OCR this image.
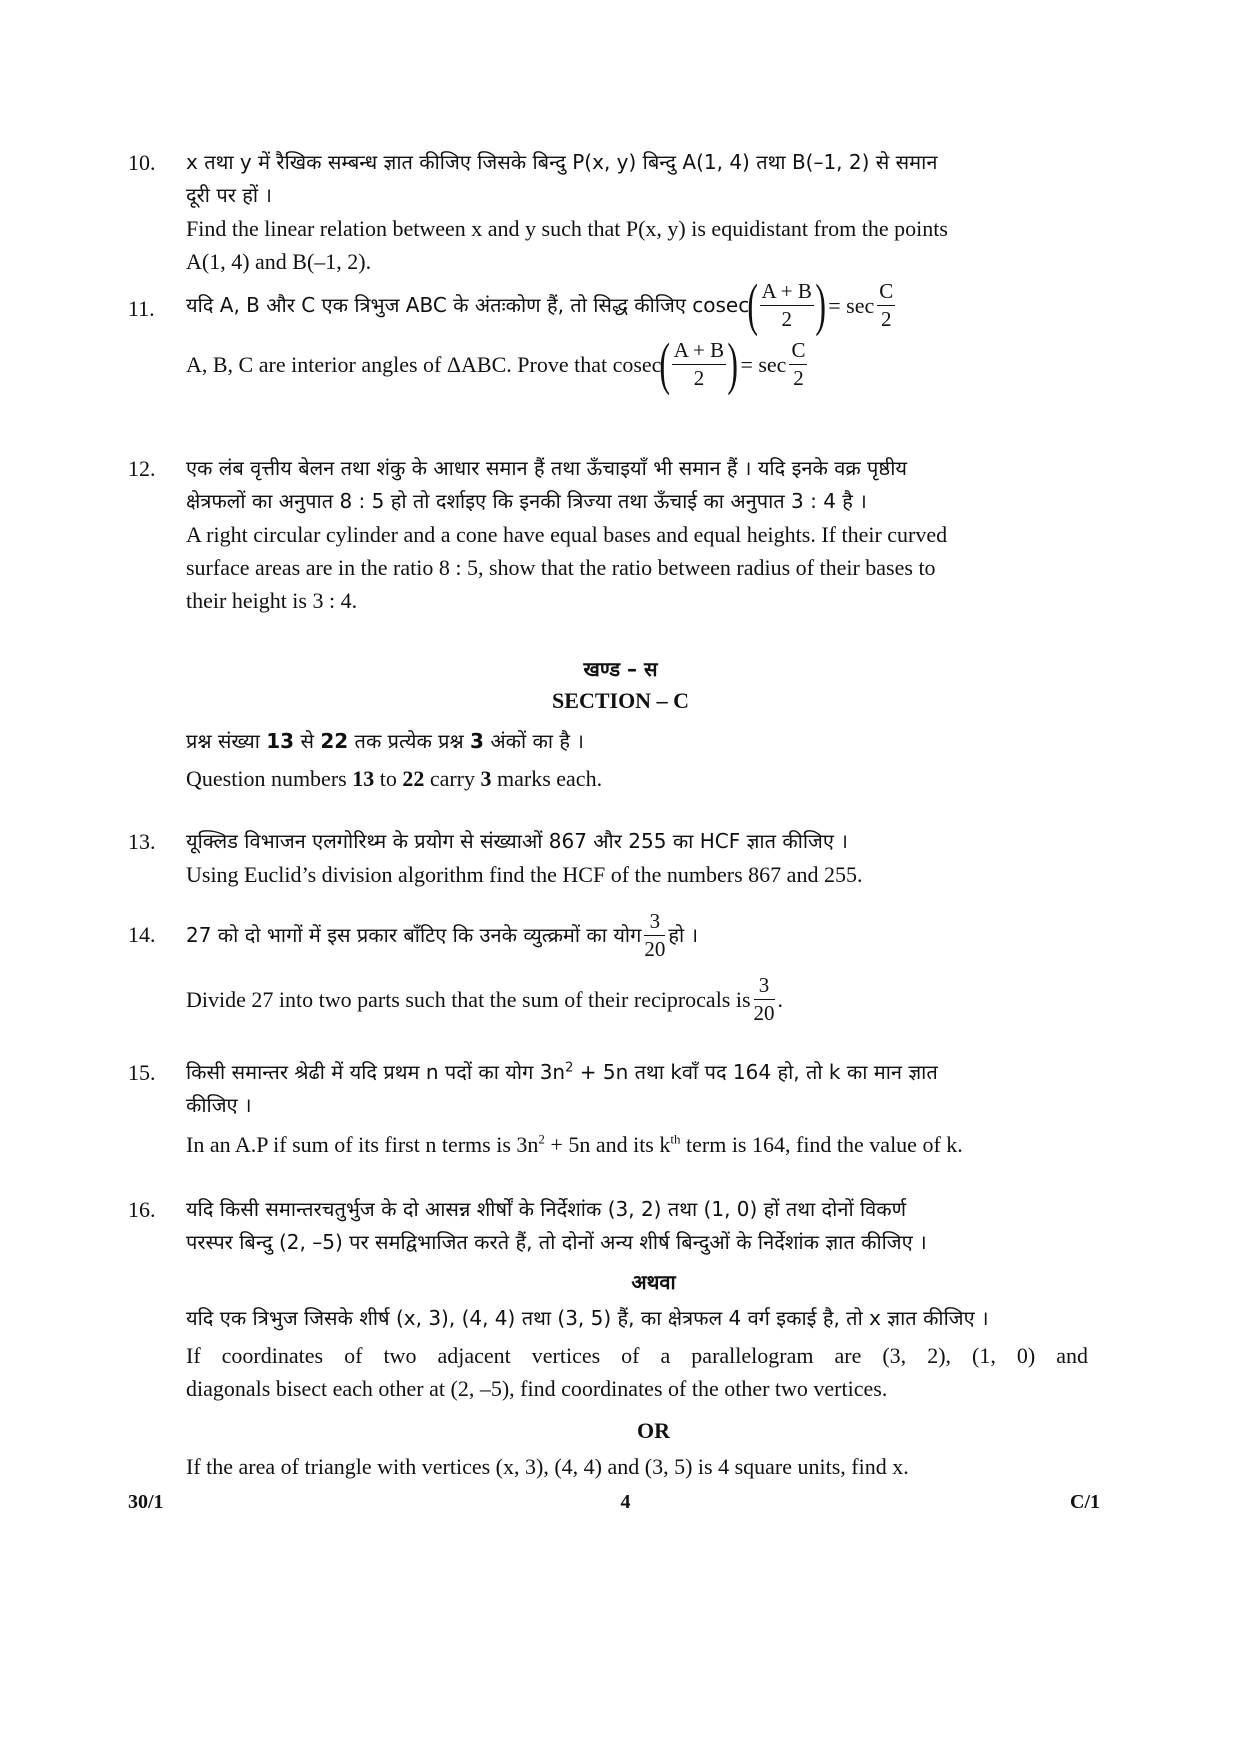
10.	x तथा y में रैखिक सम्बन्ध ज्ञात कीजिए जिसके बिन्दु P(x, y) बिन्दु A(1, 4) तथा B(–1, 2) से समान

दूरी पर हों ।

Find the linear relation between x and y such that P(x, y) is equidistant from the points

A(1, 4) and B(–1, 2).

11.	यदि A, B और C एक त्रिभुज ABC के अंतःकोण हैं, तो सिद्ध कीजिए cosec
( $\frac{A + B}{2}$ ) = $\sec \frac{C}{2}$
A, B, C are interior angles of ΔABC. Prove that cosec
( $\frac{A + B}{2}$ ) = $\sec \frac{C}{2}$
12.	एक लंब वृत्तीय बेलन तथा शंकु के आधार समान हैं तथा ऊँचाइयाँ भी समान हैं । यदि इनके वक्र पृष्ठीय

क्षेत्रफलों का अनुपात 8 : 5 हो तो दर्शाइए कि इनकी त्रिज्या तथा ऊँचाई का अनुपात 3 : 4 है ।

A right circular cylinder and a cone have equal bases and equal heights. If their curved

surface areas are in the ratio 8 : 5, show that the ratio between radius of their bases to

their height is 3 : 4.

खण्ड – स
SECTION – C

प्रश्न संख्या 13 से 22 तक प्रत्येक प्रश्न 3 अंकों का है ।

Question numbers 13 to 22 carry 3 marks each.

13.	यूक्लिड विभाजन एलगोरिथ्म के प्रयोग से संख्याओं 867 और 255 का HCF ज्ञात कीजिए ।

Using Euclid’s division algorithm find the HCF of the numbers 867 and 255.

14.	27 को दो भागों में इस प्रकार बाँटिए कि उनके व्युत्क्रमों का योग $\frac{3}{20}$ हो ।
Divide 27 into two parts such that the sum of their reciprocals is $\frac{3}{20}$ .
15.	किसी समान्तर श्रेढी में यदि प्रथम n पदों का योग $3n^2 + 5n$ तथा kवाँ पद 164 हो, तो k का मान ज्ञात

कीजिए ।

In an A.P if sum of its first n terms is $3n^2 + 5n$ and its $k^{th}$ term is 164, find the value of k.

16.	यदि किसी समान्तरचतुर्भुज के दो आसन्न शीर्षों के निर्देशांक (3, 2) तथा (1, 0) हों तथा दोनों विकर्ण

परस्पर बिन्दु (2, –5) पर समद्विभाजित करते हैं, तो दोनों अन्य शीर्ष बिन्दुओं के निर्देशांक ज्ञात कीजिए ।

अथवा

यदि एक त्रिभुज जिसके शीर्ष (x, 3), (4, 4) तथा (3, 5) हैं, का क्षेत्रफल 4 वर्ग इकाई है, तो x ज्ञात कीजिए ।

If coordinates of two adjacent vertices of a parallelogram are (3, 2), (1, 0) and

diagonals bisect each other at (2, –5), find coordinates of the other two vertices.

OR

If the area of triangle with vertices (x, 3), (4, 4) and (3, 5) is 4 square units, find x.

30/1	4	C/1
